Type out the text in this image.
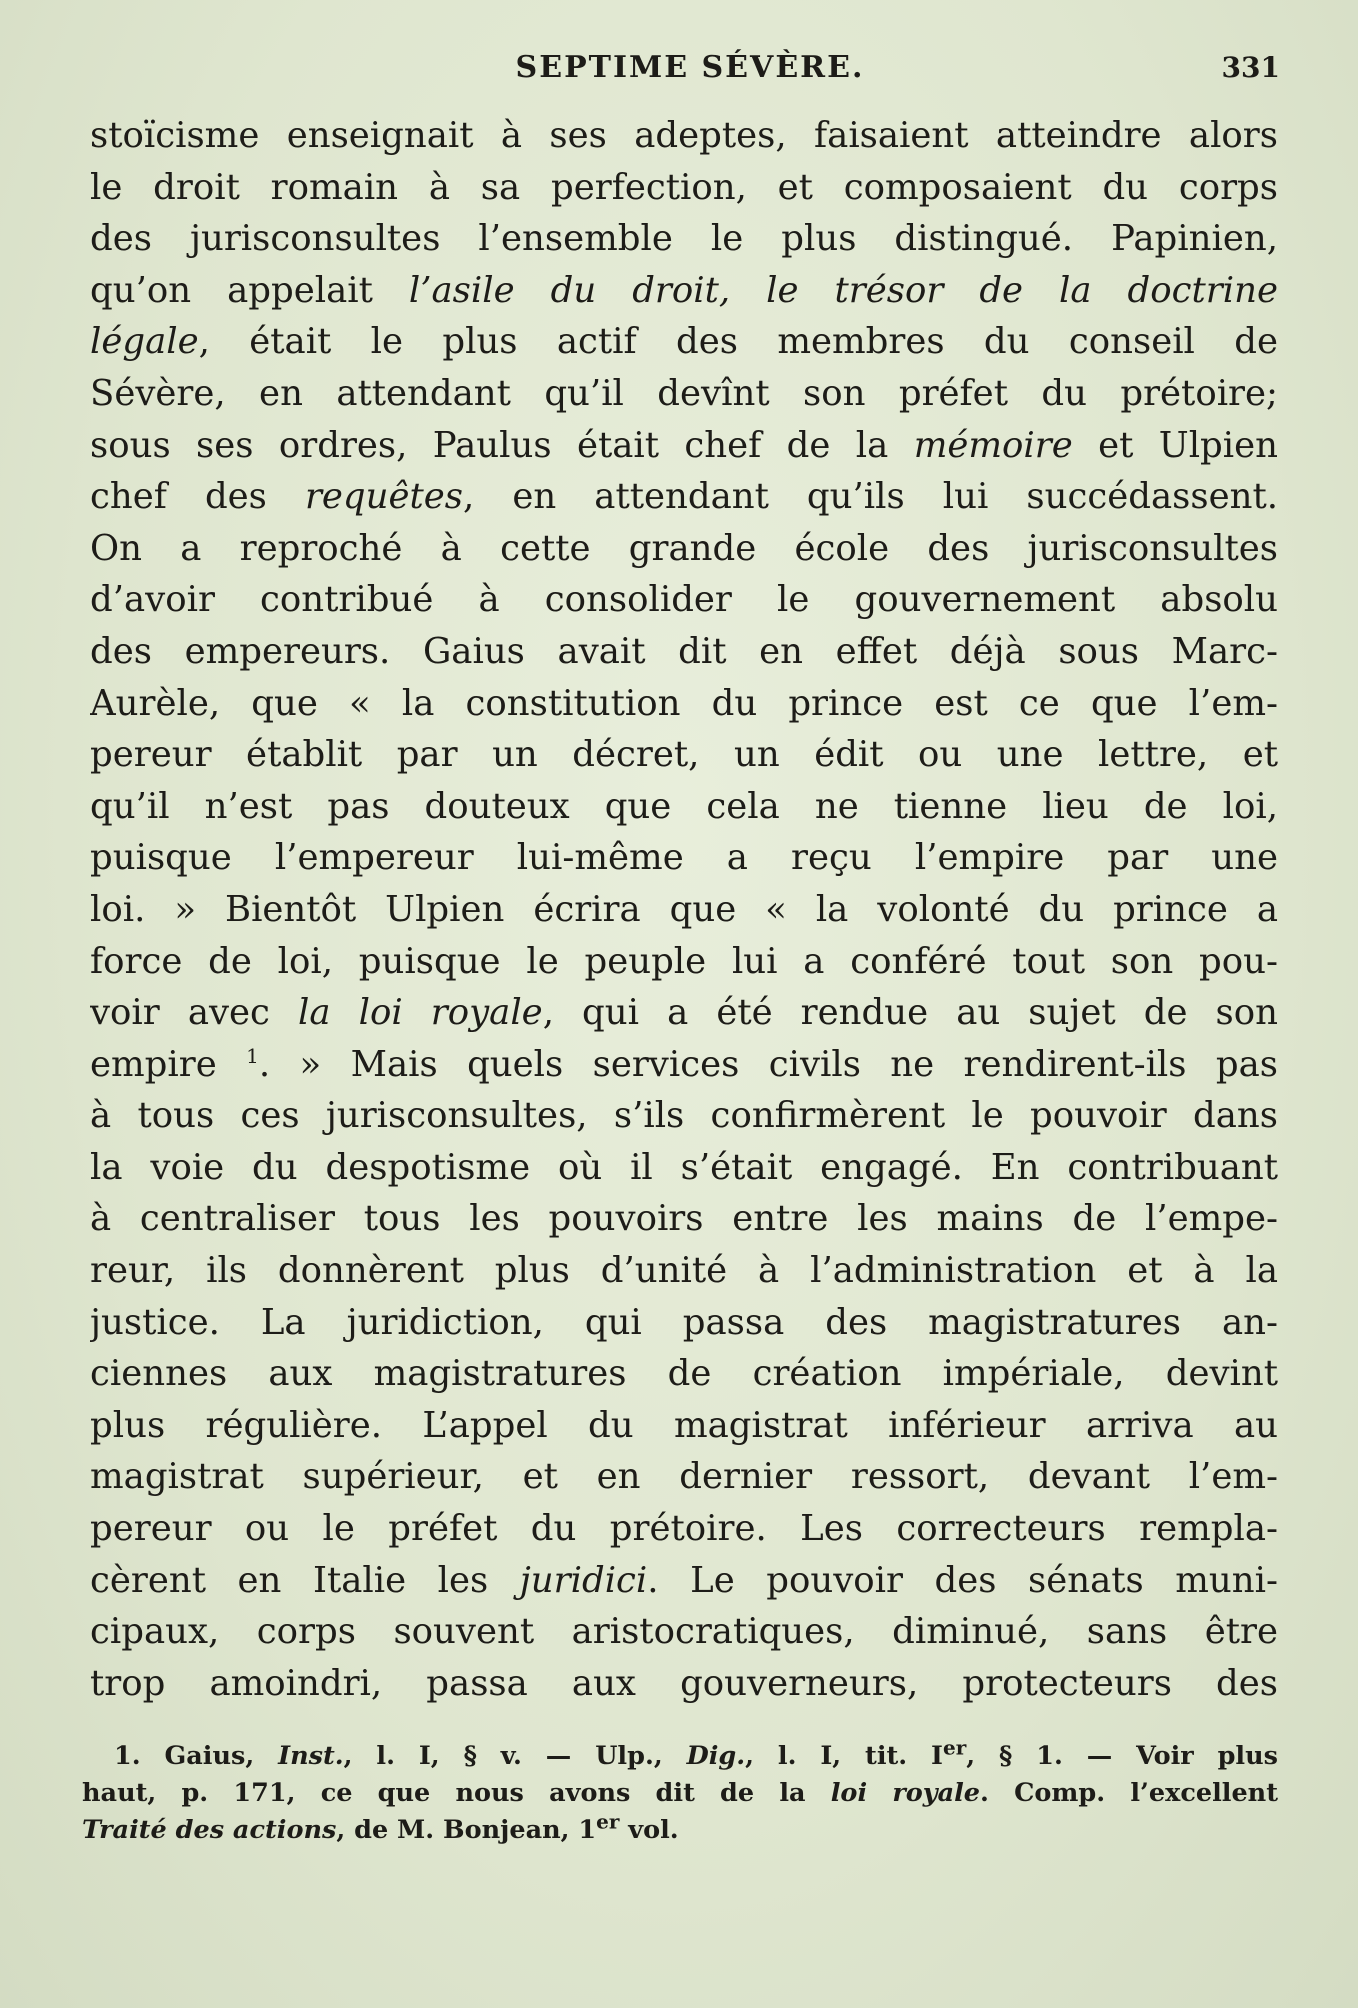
SEPTIME SÉVÈRE.	331
stoïcisme enseignait à ses adeptes, faisaient atteindre alors
le droit romain à sa perfection, et composaient du corps
des jurisconsultes l’ensemble le plus distingué. Papinien,
qu’on appelait l’asile du droit, le trésor de la doctrine
légale, était le plus actif des membres du conseil de
Sévère, en attendant qu’il devînt son préfet du prétoire;
sous ses ordres, Paulus était chef de la mémoire et Ulpien
chef des requêtes, en attendant qu’ils lui succédassent.
On a reproché à cette grande école des jurisconsultes
d’avoir contribué à consolider le gouvernement absolu
des empereurs. Gaius avait dit en effet déjà sous Marc-
Aurèle, que « la constitution du prince est ce que l’em-
pereur établit par un décret, un édit ou une lettre, et
qu’il n’est pas douteux que cela ne tienne lieu de loi,
puisque l’empereur lui-même a reçu l’empire par une
loi. » Bientôt Ulpien écrira que « la volonté du prince a
force de loi, puisque le peuple lui a conféré tout son pou-
voir avec la loi royale, qui a été rendue au sujet de son
empire $^1$. » Mais quels services civils ne rendirent-ils pas
à tous ces jurisconsultes, s’ils confirmèrent le pouvoir dans
la voie du despotisme où il s’était engagé. En contribuant
à centraliser tous les pouvoirs entre les mains de l’empe-
reur, ils donnèrent plus d’unité à l’administration et à la
justice. La juridiction, qui passa des magistratures an-
ciennes aux magistratures de création impériale, devint
plus régulière. L’appel du magistrat inférieur arriva au
magistrat supérieur, et en dernier ressort, devant l’em-
pereur ou le préfet du prétoire. Les correcteurs rempla-
cèrent en Italie les juridici. Le pouvoir des sénats muni-
cipaux, corps souvent aristocratiques, diminué, sans être
trop amoindri, passa aux gouverneurs, protecteurs des
1. Gaius, Inst., l. I, § v. — Ulp., Dig., l. I, tit. Ier, § 1. — Voir plus
haut, p. 171, ce que nous avons dit de la loi royale. Comp. l’excellent
Traité des actions, de M. Bonjean, 1er vol.
